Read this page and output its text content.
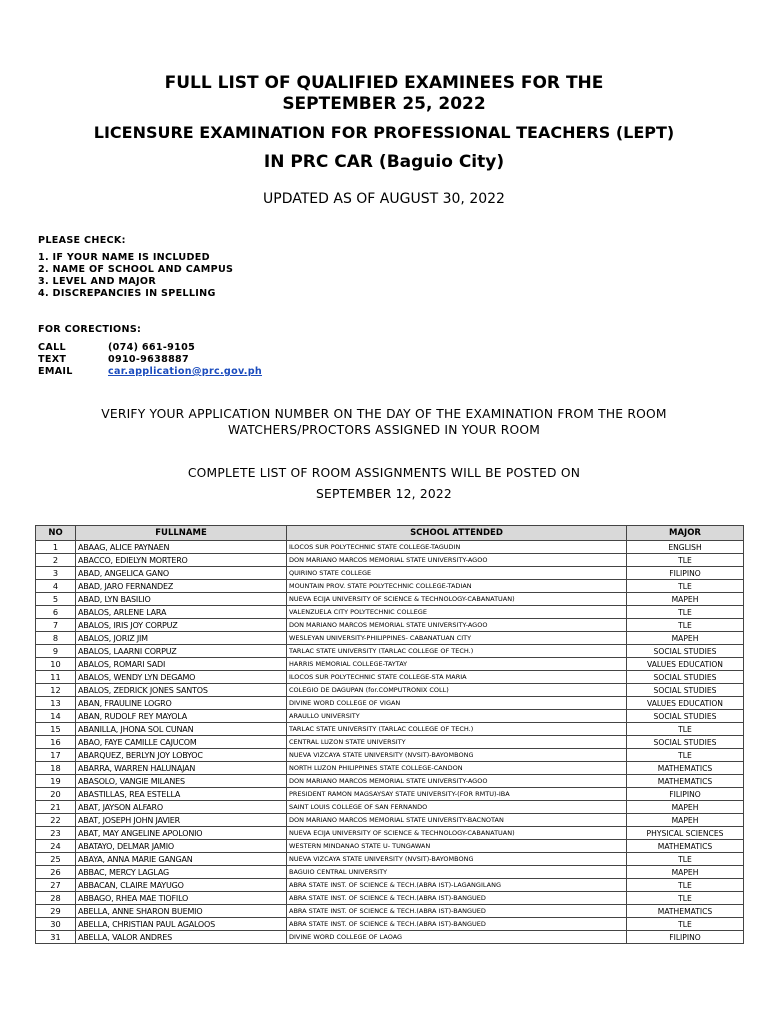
FULL LIST OF QUALIFIED EXAMINEES FOR THE
SEPTEMBER 25, 2022
LICENSURE EXAMINATION FOR PROFESSIONAL TEACHERS (LEPT)
IN PRC CAR (Baguio City)
UPDATED AS OF AUGUST 30, 2022
PLEASE CHECK:
1. IF YOUR NAME IS INCLUDED
2. NAME OF SCHOOL AND CAMPUS
3. LEVEL AND MAJOR
4. DISCREPANCIES IN SPELLING
FOR CORECTIONS:
CALL	(074) 661-9105
TEXT	0910-9638887
EMAIL	car.application@prc.gov.ph
VERIFY YOUR APPLICATION NUMBER ON THE DAY OF THE EXAMINATION FROM THE ROOM
WATCHERS/PROCTORS ASSIGNED IN YOUR ROOM
COMPLETE LIST OF ROOM ASSIGNMENTS WILL BE POSTED ON
SEPTEMBER 12, 2022
NO	FULLNAME	SCHOOL ATTENDED	MAJOR
1	ABAAG, ALICE PAYNAEN	ILOCOS SUR POLYTECHNIC STATE COLLEGE-TAGUDIN	ENGLISH
2	ABACCO, EDIELYN MORTERO	DON MARIANO MARCOS MEMORIAL STATE UNIVERSITY-AGOO	TLE
3	ABAD, ANGELICA GANO	QUIRINO STATE COLLEGE	FILIPINO
4	ABAD, JARO FERNANDEZ	MOUNTAIN PROV. STATE POLYTECHNIC COLLEGE-TADIAN	TLE
5	ABAD, LYN BASILIO	NUEVA ECIJA UNIVERSITY OF SCIENCE & TECHNOLOGY-CABANATUAN)	MAPEH
6	ABALOS, ARLENE LARA	VALENZUELA CITY POLYTECHNIC COLLEGE	TLE
7	ABALOS, IRIS JOY CORPUZ	DON MARIANO MARCOS MEMORIAL STATE UNIVERSITY-AGOO	TLE
8	ABALOS, JORIZ JIM	WESLEYAN UNIVERSITY-PHILIPPINES- CABANATUAN CITY	MAPEH
9	ABALOS, LAARNI CORPUZ	TARLAC STATE UNIVERSITY (TARLAC COLLEGE OF TECH.)	SOCIAL STUDIES
10	ABALOS, ROMARI SADI	HARRIS MEMORIAL COLLEGE-TAYTAY	VALUES EDUCATION
11	ABALOS, WENDY LYN DEGAMO	ILOCOS SUR POLYTECHNIC STATE COLLEGE-STA MARIA	SOCIAL STUDIES
12	ABALOS, ZEDRICK JONES SANTOS	COLEGIO DE DAGUPAN (for.COMPUTRONIX COLL)	SOCIAL STUDIES
13	ABAN, FRAULINE LOGRO	DIVINE WORD COLLEGE OF VIGAN	VALUES EDUCATION
14	ABAN, RUDOLF REY MAYOLA	ARAULLO UNIVERSITY	SOCIAL STUDIES
15	ABANILLA, JHONA SOL CUNAN	TARLAC STATE UNIVERSITY (TARLAC COLLEGE OF TECH.)	TLE
16	ABAO, FAYE CAMILLE CAJUCOM	CENTRAL LUZON STATE UNIVERSITY	SOCIAL STUDIES
17	ABARQUEZ, BERLYN JOY LOBYOC	NUEVA VIZCAYA STATE UNIVERSITY (NVSIT)-BAYOMBONG	TLE
18	ABARRA, WARREN HALUNAJAN	NORTH LUZON PHILIPPINES STATE COLLEGE-CANDON	MATHEMATICS
19	ABASOLO, VANGIE MILANES	DON MARIANO MARCOS MEMORIAL STATE UNIVERSITY-AGOO	MATHEMATICS
20	ABASTILLAS, REA ESTELLA	PRESIDENT RAMON MAGSAYSAY STATE UNIVERSITY-(FOR RMTU)-IBA	FILIPINO
21	ABAT, JAYSON ALFARO	SAINT LOUIS COLLEGE OF SAN FERNANDO	MAPEH
22	ABAT, JOSEPH JOHN JAVIER	DON MARIANO MARCOS MEMORIAL STATE UNIVERSITY-BACNOTAN	MAPEH
23	ABAT, MAY ANGELINE APOLONIO	NUEVA ECIJA UNIVERSITY OF SCIENCE & TECHNOLOGY-CABANATUAN)	PHYSICAL SCIENCES
24	ABATAYO, DELMAR JAMIO	WESTERN MINDANAO STATE U- TUNGAWAN	MATHEMATICS
25	ABAYA, ANNA MARIE GANGAN	NUEVA VIZCAYA STATE UNIVERSITY (NVSIT)-BAYOMBONG	TLE
26	ABBAC, MERCY LAGLAG	BAGUIO CENTRAL UNIVERSITY	MAPEH
27	ABBACAN, CLAIRE MAYUGO	ABRA STATE INST. OF SCIENCE & TECH.(ABRA IST)-LAGANGILANG	TLE
28	ABBAGO, RHEA MAE TIOFILO	ABRA STATE INST. OF SCIENCE & TECH.(ABRA IST)-BANGUED	TLE
29	ABELLA, ANNE SHARON BUEMIO	ABRA STATE INST. OF SCIENCE & TECH.(ABRA IST)-BANGUED	MATHEMATICS
30	ABELLA, CHRISTIAN PAUL AGALOOS	ABRA STATE INST. OF SCIENCE & TECH.(ABRA IST)-BANGUED	TLE
31	ABELLA, VALOR ANDRES	DIVINE WORD COLLEGE OF LAOAG	FILIPINO
